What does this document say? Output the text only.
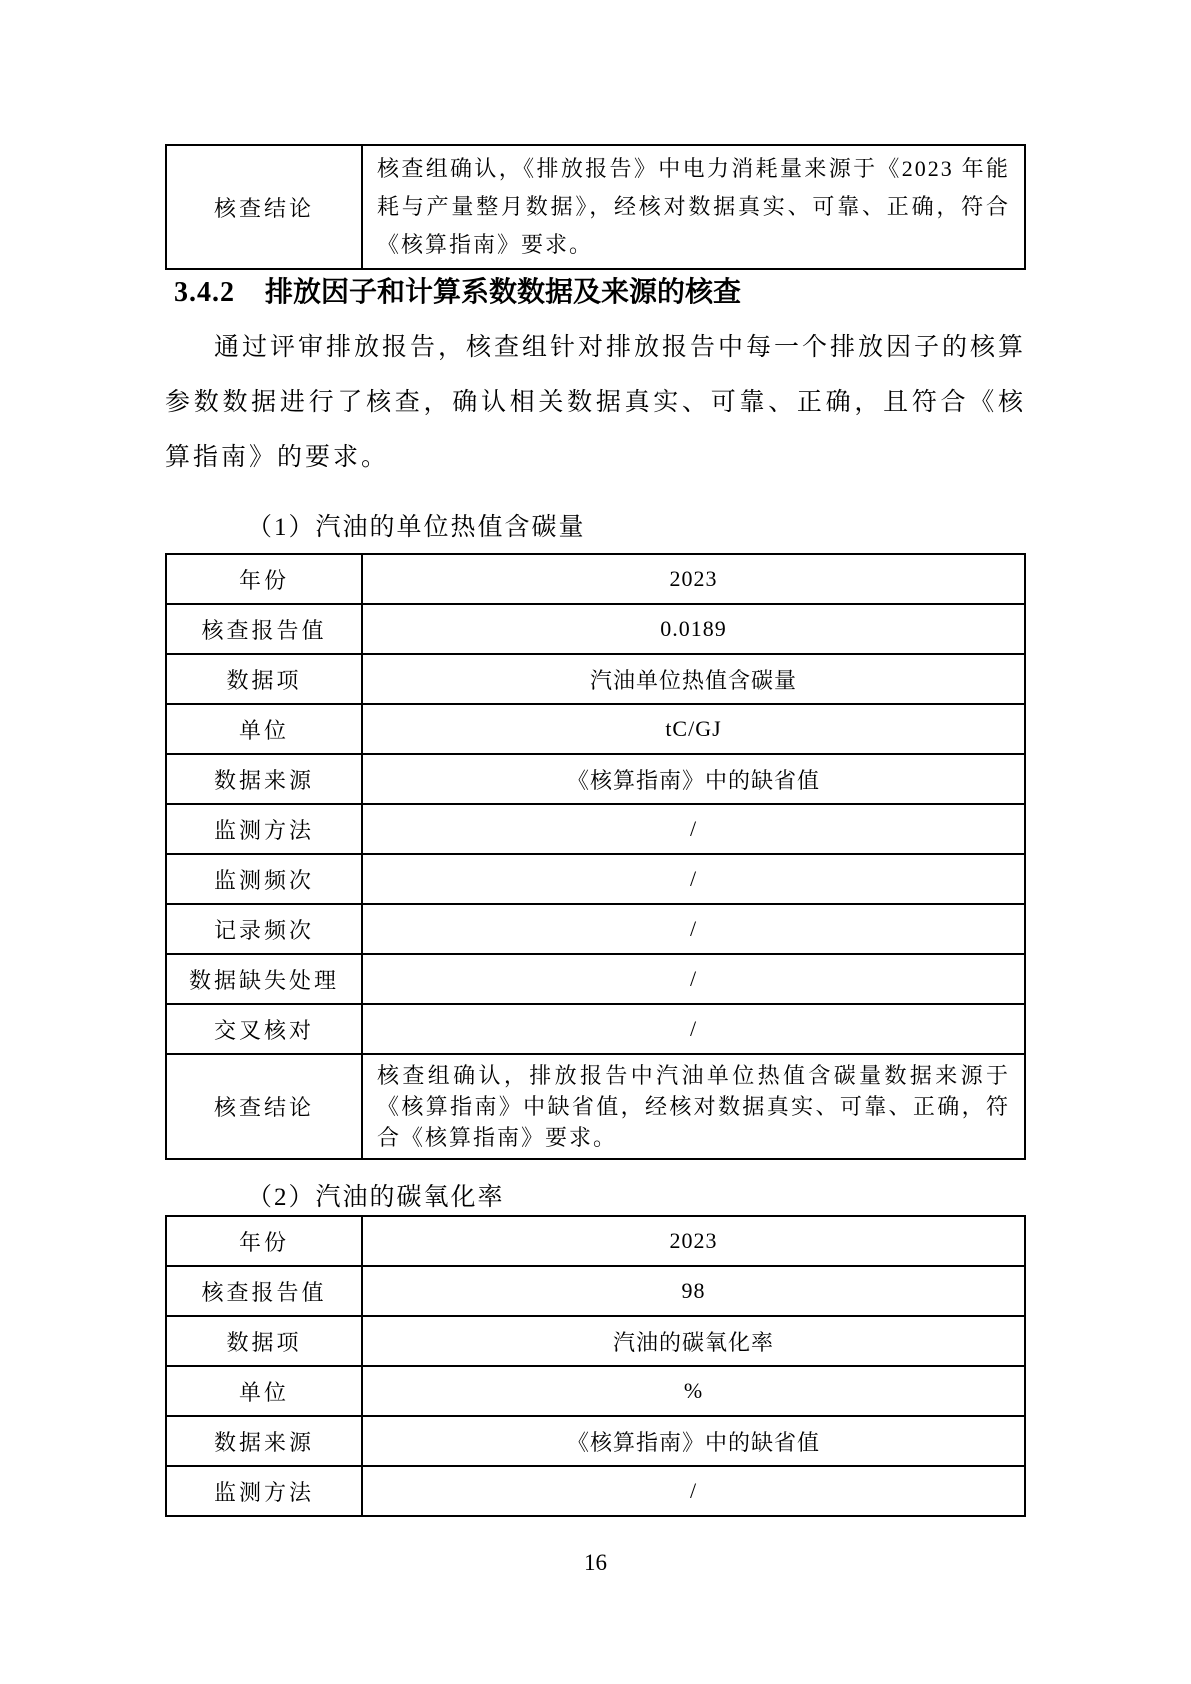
核查结论	核查组确认，《排放报告》中电力消耗量来源于《2023 年能耗与产量整月数据》，经核对数据真实、可靠、正确，符合《核算指南》要求。
3.4.2 排放因子和计算系数数据及来源的核查

通过评审排放报告，核查组针对排放报告中每一个排放因子的核算参数数据进行了核查，确认相关数据真实、可靠、正确，且符合《核算指南》的要求。

（1）汽油的单位热值含碳量
年份	2023
核查报告值	0.0189
数据项	汽油单位热值含碳量
单位	tC/GJ
数据来源	《核算指南》中的缺省值
监测方法	/
监测频次	/
记录频次	/
数据缺失处理	/
交叉核对	/
核查结论	核查组确认，排放报告中汽油单位热值含碳量数据来源于《核算指南》中缺省值，经核对数据真实、可靠、正确，符合《核算指南》要求。
（2）汽油的碳氧化率
年份	2023
核查报告值	98
数据项	汽油的碳氧化率
单位	%
数据来源	《核算指南》中的缺省值
监测方法	/
16
